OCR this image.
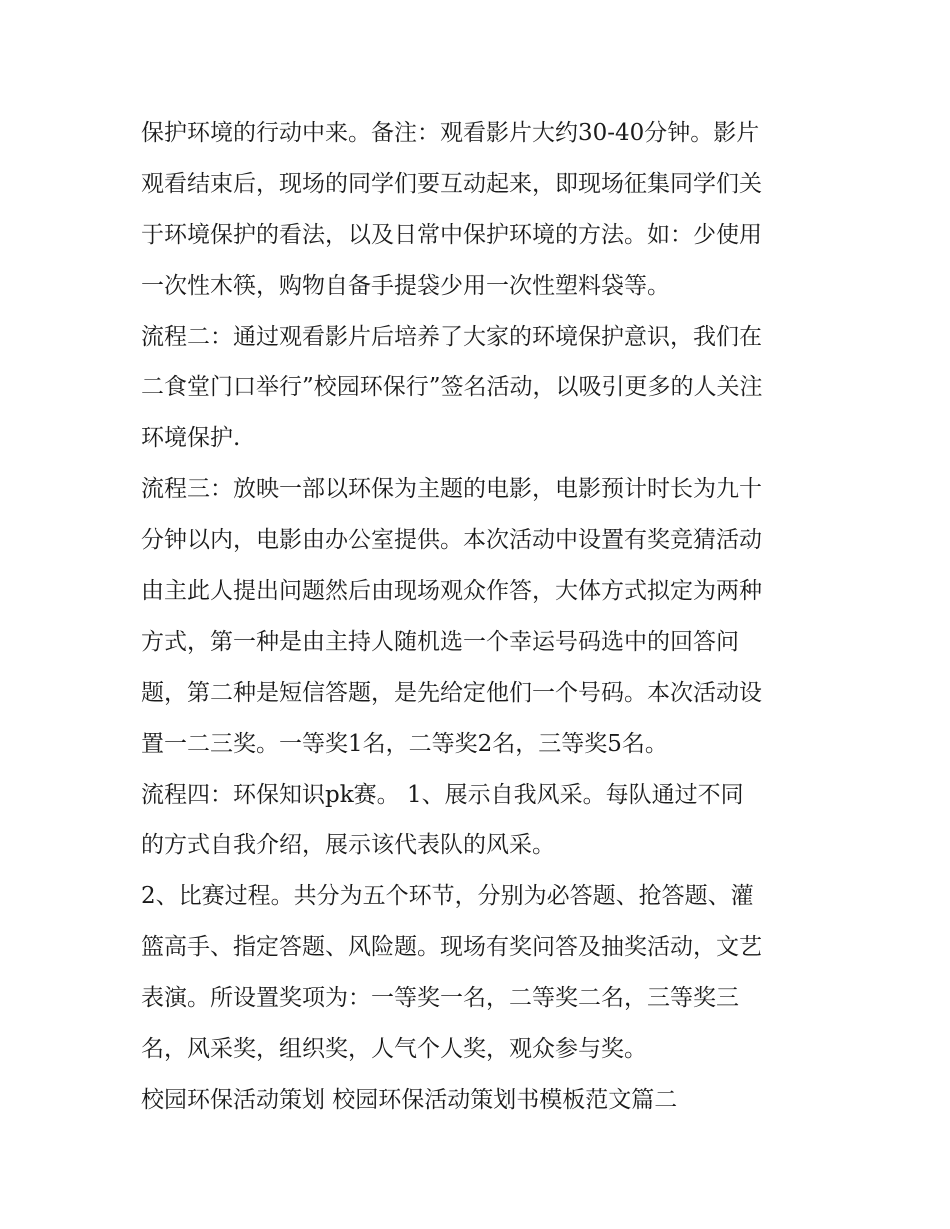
保护环境的行动中来。备注：观看影片大约30-40分钟。影片
观看结束后，现场的同学们要互动起来，即现场征集同学们关
于环境保护的看法，以及日常中保护环境的方法。如：少使用
一次性木筷，购物自备手提袋少用一次性塑料袋等。
流程二：通过观看影片后培养了大家的环境保护意识，我们在
二食堂门口举行”校园环保行”签名活动，以吸引更多的人关注
环境保护.
流程三：放映一部以环保为主题的电影，电影预计时长为九十
分钟以内，电影由办公室提供。本次活动中设置有奖竞猜活动
由主此人提出问题然后由现场观众作答，大体方式拟定为两种
方式，第一种是由主持人随机选一个幸运号码选中的回答问
题，第二种是短信答题，是先给定他们一个号码。本次活动设
置一二三奖。一等奖1名，二等奖2名，三等奖5名。
流程四：环保知识pk赛。 1、展示自我风采。每队通过不同
的方式自我介绍，展示该代表队的风采。
2、比赛过程。共分为五个环节，分别为必答题、抢答题、灌
篮高手、指定答题、风险题。现场有奖问答及抽奖活动，文艺
表演。所设置奖项为：一等奖一名，二等奖二名，三等奖三
名，风采奖，组织奖，人气个人奖，观众参与奖。
校园环保活动策划 校园环保活动策划书模板范文篇二
